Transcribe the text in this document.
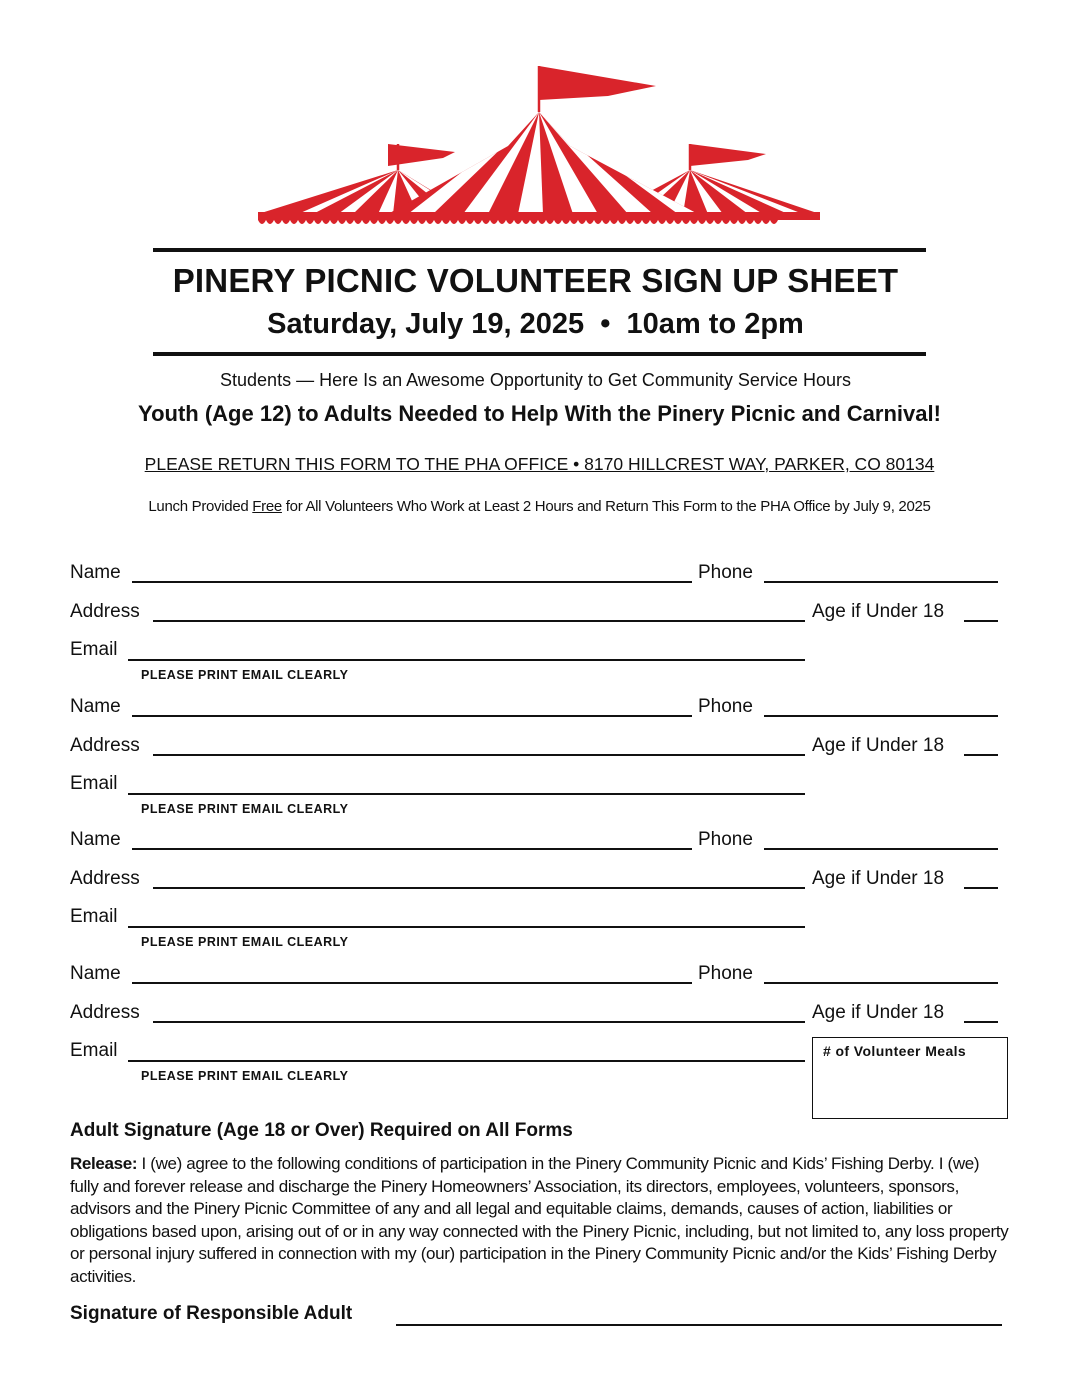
PINERY PICNIC VOLUNTEER SIGN UP SHEET
Saturday, July 19, 2025  •  10am to 2pm
Students — Here Is an Awesome Opportunity to Get Community Service Hours
Youth (Age 12) to Adults Needed to Help With the Pinery Picnic and Carnival!
PLEASE RETURN THIS FORM TO THE PHA OFFICE • 8170 HILLCREST WAY, PARKER, CO 80134
Lunch Provided Free for All Volunteers Who Work at Least 2 Hours and Return This Form to the PHA Office by July 9, 2025
Name	Phone
Address	Age if Under 18
Email
PLEASE PRINT EMAIL CLEARLY
Name	Phone
Address	Age if Under 18
Email
PLEASE PRINT EMAIL CLEARLY
Name	Phone
Address	Age if Under 18
Email
PLEASE PRINT EMAIL CLEARLY
Name	Phone
Address	Age if Under 18
Email
PLEASE PRINT EMAIL CLEARLY
# of Volunteer Meals
Adult Signature (Age 18 or Over) Required on All Forms
Release: I (we) agree to the following conditions of participation in the Pinery Community Picnic and Kids’ Fishing Derby. I (we) fully and forever release and discharge the Pinery Homeowners’ Association, its directors, employees, volunteers, sponsors, advisors and the Pinery Picnic Committee of any and all legal and equitable claims, demands, causes of action, liabilities or obligations based upon, arising out of or in any way connected with the Pinery Picnic, including, but not limited to, any loss property or personal injury suffered in connection with my (our) participation in the Pinery Community Picnic and/or the Kids’ Fishing Derby activities.
Signature of Responsible Adult
